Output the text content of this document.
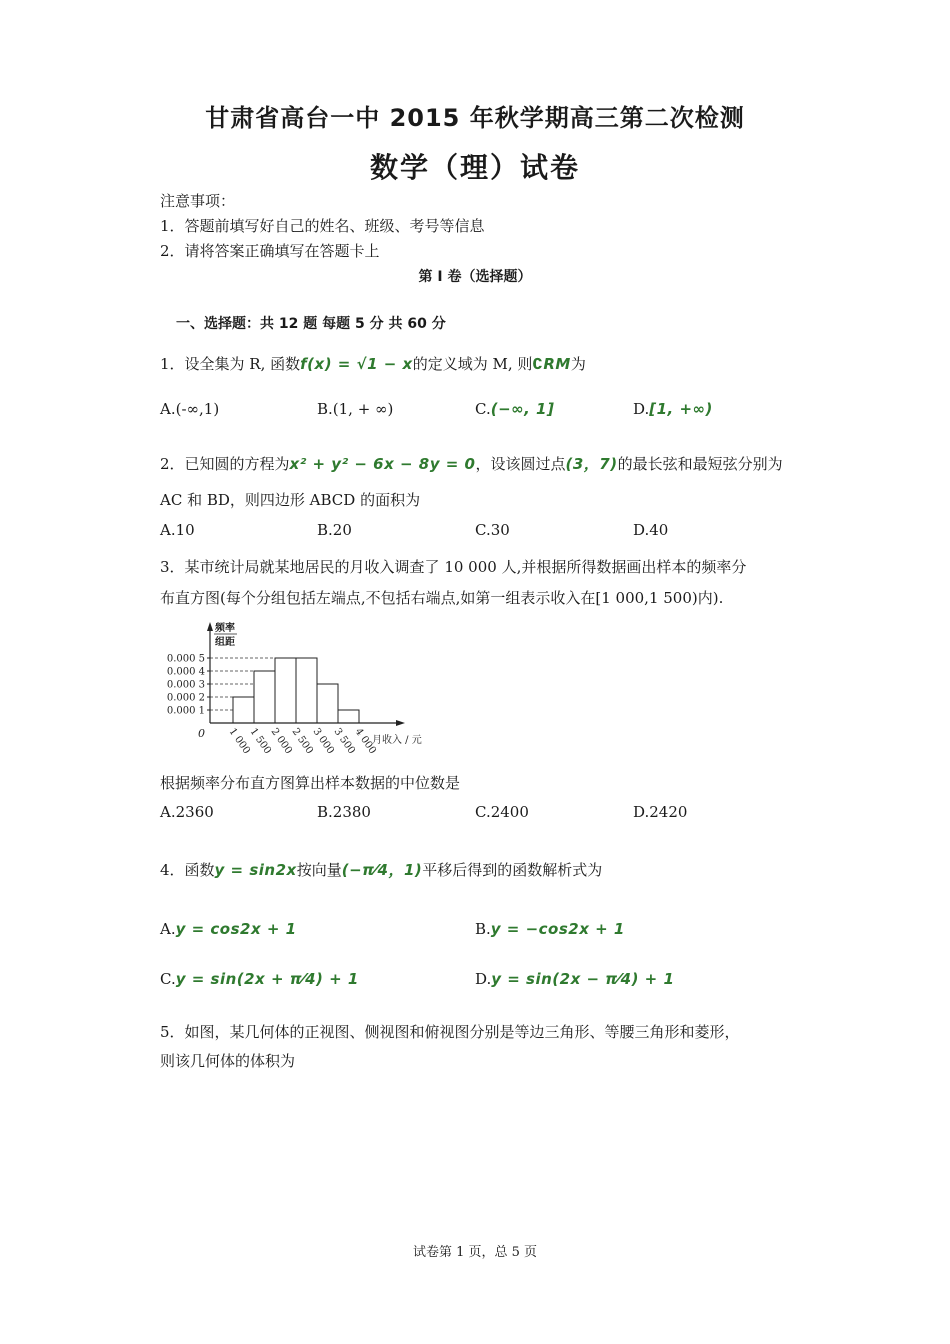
甘肃省高台一中 2015 年秋学期高三第二次检测
数学（理）试卷
注意事项：
1．答题前填写好自己的姓名、班级、考号等信息
2．请将答案正确填写在答题卡上
第 I 卷（选择题）
一、选择题：共 12 题 每题 5 分 共 60 分
1．设全集为 R, 函数f(x) = √1 − x的定义域为 M, 则∁RM为
A.(-∞,1)	B.(1, + ∞)	C.(−∞, 1]	D.[1, +∞)
2．已知圆的方程为x² + y² − 6x − 8y = 0，设该圆过点(3，7)的最长弦和最短弦分别为
AC 和 BD，则四边形 ABCD 的面积为
A.10	B.20	C.30	D.40
3．某市统计局就某地居民的月收入调查了 10 000 人,并根据所得数据画出样本的频率分
布直方图(每个分组包括左端点,不包括右端点,如第一组表示收入在[1 000,1 500)内).
0.000 1
0.000 2
0.000 3
0.000 4
0.000 5
频率
组距
0 1 000
1 500
2 000
2 500
3 000
3 500
4 000
月收入 / 元
根据频率分布直方图算出样本数据的中位数是
A.2360	B.2380	C.2400	D.2420
4．函数y = sin2x按向量(−π⁄4，1)平移后得到的函数解析式为
A.y = cos2x + 1	B.y = −cos2x + 1
C.y = sin(2x + π⁄4) + 1	D.y = sin(2x − π⁄4) + 1
5．如图，某几何体的正视图、侧视图和俯视图分别是等边三角形、等腰三角形和菱形，
则该几何体的体积为
试卷第 1 页，总 5 页
